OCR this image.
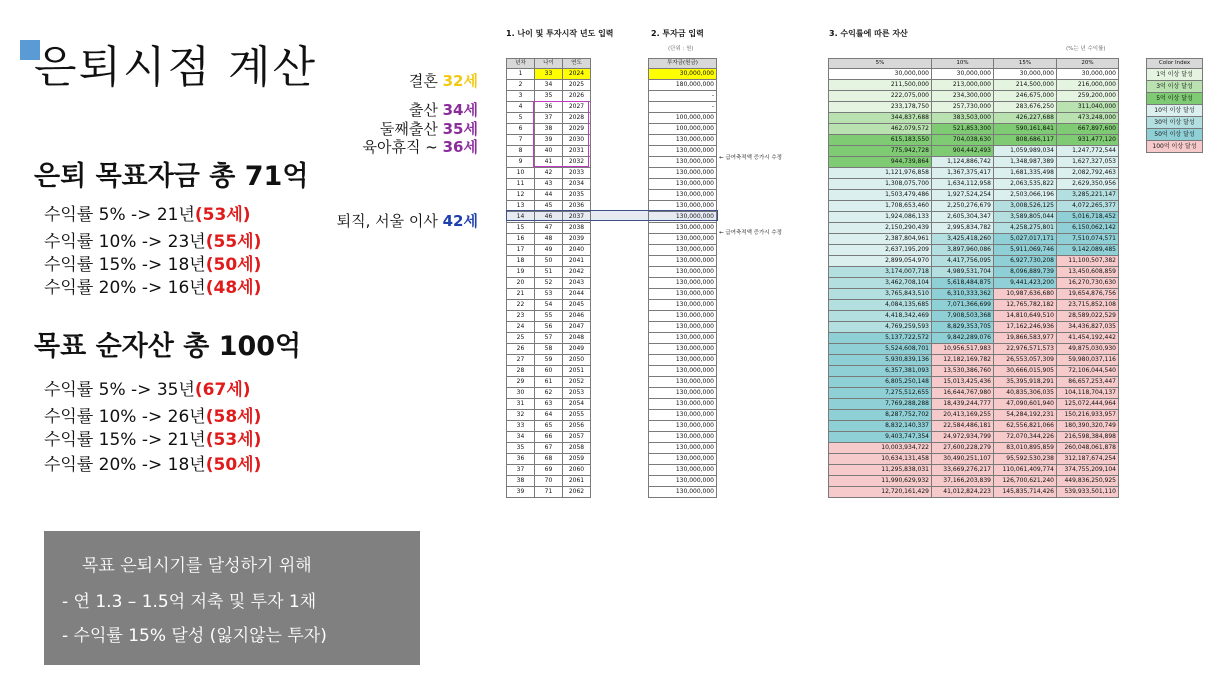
은퇴시점 계산	결혼 32세
출산 34세
둘째출산 35세
육아휴직 ~ 36세
퇴직, 서울 이사 42세
은퇴 목표자금 총 71억
수익률 5% -> 21년(53세)
수익률 10% -> 23년(55세)
수익률 15% -> 18년(50세)
수익률 20% -> 16년(48세)
목표 순자산 총 100억
수익률 5% -> 35년(67세)
수익률 10% -> 26년(58세)
수익률 15% -> 21년(53세)
수익률 20% -> 18년(50세)
목표 은퇴시기를 달성하기 위해
- 연 1.3 – 1.5억 저축 및 투자 1채
- 수익률 15% 달성 (잃지않는 투자)
1. 나이 및 투자시작 년도 입력	2. 투자금 입력
(단위 : 원)
3. 수익률에 따른 자산
(%는 년 수익률)
년차	나이	연도
1	33	2024
2	34	2025
3	35	2026
4	36	2027
5	37	2028
6	38	2029
7	39	2030
8	40	2031
9	41	2032
10	42	2033
11	43	2034
12	44	2035
13	45	2036
14	46	2037
15	47	2038
16	48	2039
17	49	2040
18	50	2041
19	51	2042
20	52	2043
21	53	2044
22	54	2045
23	55	2046
24	56	2047
25	57	2048
26	58	2049
27	59	2050
28	60	2051
29	61	2052
30	62	2053
31	63	2054
32	64	2055
33	65	2056
34	66	2057
35	67	2058
36	68	2059
37	69	2060
38	70	2061
39	71	2062
투자금(원금)
30,000,000
180,000,000
-
-
100,000,000
100,000,000
130,000,000
130,000,000
130,000,000
130,000,000
130,000,000
130,000,000
130,000,000
130,000,000
130,000,000
130,000,000
130,000,000
130,000,000
130,000,000
130,000,000
130,000,000
130,000,000
130,000,000
130,000,000
130,000,000
130,000,000
130,000,000
130,000,000
130,000,000
130,000,000
130,000,000
130,000,000
130,000,000
130,000,000
130,000,000
130,000,000
130,000,000
130,000,000
130,000,000
← 급여축적액 증가시 수정
← 급여축적액 증가시 수정
5%	10%	15%	20%
30,000,000	30,000,000	30,000,000	30,000,000
211,500,000	213,000,000	214,500,000	216,000,000
222,075,000	234,300,000	246,675,000	259,200,000
233,178,750	257,730,000	283,676,250	311,040,000
344,837,688	383,503,000	426,227,688	473,248,000
462,079,572	521,853,300	590,161,841	667,897,600
615,183,550	704,038,630	808,686,117	931,477,120
775,942,728	904,442,493	1,059,989,034	1,247,772,544
944,739,864	1,124,886,742	1,348,987,389	1,627,327,053
1,121,976,858	1,367,375,417	1,681,335,498	2,082,792,463
1,308,075,700	1,634,112,958	2,063,535,822	2,629,350,956
1,503,479,486	1,927,524,254	2,503,066,196	3,285,221,147
1,708,653,460	2,250,276,679	3,008,526,125	4,072,265,377
1,924,086,133	2,605,304,347	3,589,805,044	5,016,718,452
2,150,290,439	2,995,834,782	4,258,275,801	6,150,062,142
2,387,804,961	3,425,418,260	5,027,017,171	7,510,074,571
2,637,195,209	3,897,960,086	5,911,069,746	9,142,089,485
2,899,054,970	4,417,756,095	6,927,730,208	11,100,507,382
3,174,007,718	4,989,531,704	8,096,889,739	13,450,608,859
3,462,708,104	5,618,484,875	9,441,423,200	16,270,730,630
3,765,843,510	6,310,333,362	10,987,636,680	19,654,876,756
4,084,135,685	7,071,366,699	12,765,782,182	23,715,852,108
4,418,342,469	7,908,503,368	14,810,649,510	28,589,022,529
4,769,259,593	8,829,353,705	17,162,246,936	34,436,827,035
5,137,722,572	9,842,289,076	19,866,583,977	41,454,192,442
5,524,608,701	10,956,517,983	22,976,571,573	49,875,030,930
5,930,839,136	12,182,169,782	26,553,057,309	59,980,037,116
6,357,381,093	13,530,386,760	30,666,015,905	72,106,044,540
6,805,250,148	15,013,425,436	35,395,918,291	86,657,253,447
7,275,512,655	16,644,767,980	40,835,306,035	104,118,704,137
7,769,288,288	18,439,244,777	47,090,601,940	125,072,444,964
8,287,752,702	20,413,169,255	54,284,192,231	150,216,933,957
8,832,140,337	22,584,486,181	62,556,821,066	180,390,320,749
9,403,747,354	24,972,934,799	72,070,344,226	216,598,384,898
10,003,934,722	27,600,228,279	83,010,895,859	260,048,061,878
10,634,131,458	30,490,251,107	95,592,530,238	312,187,674,254
11,295,838,031	33,669,276,217	110,061,409,774	374,755,209,104
11,990,629,932	37,166,203,839	126,700,621,240	449,836,250,925
12,720,161,429	41,012,824,223	145,835,714,426	539,933,501,110
Color Index
1억 이상 달성
3억 이상 달성
5억 이상 달성
10억 이상 달성
30억 이상 달성
50억 이상 달성
100억 이상 달성
